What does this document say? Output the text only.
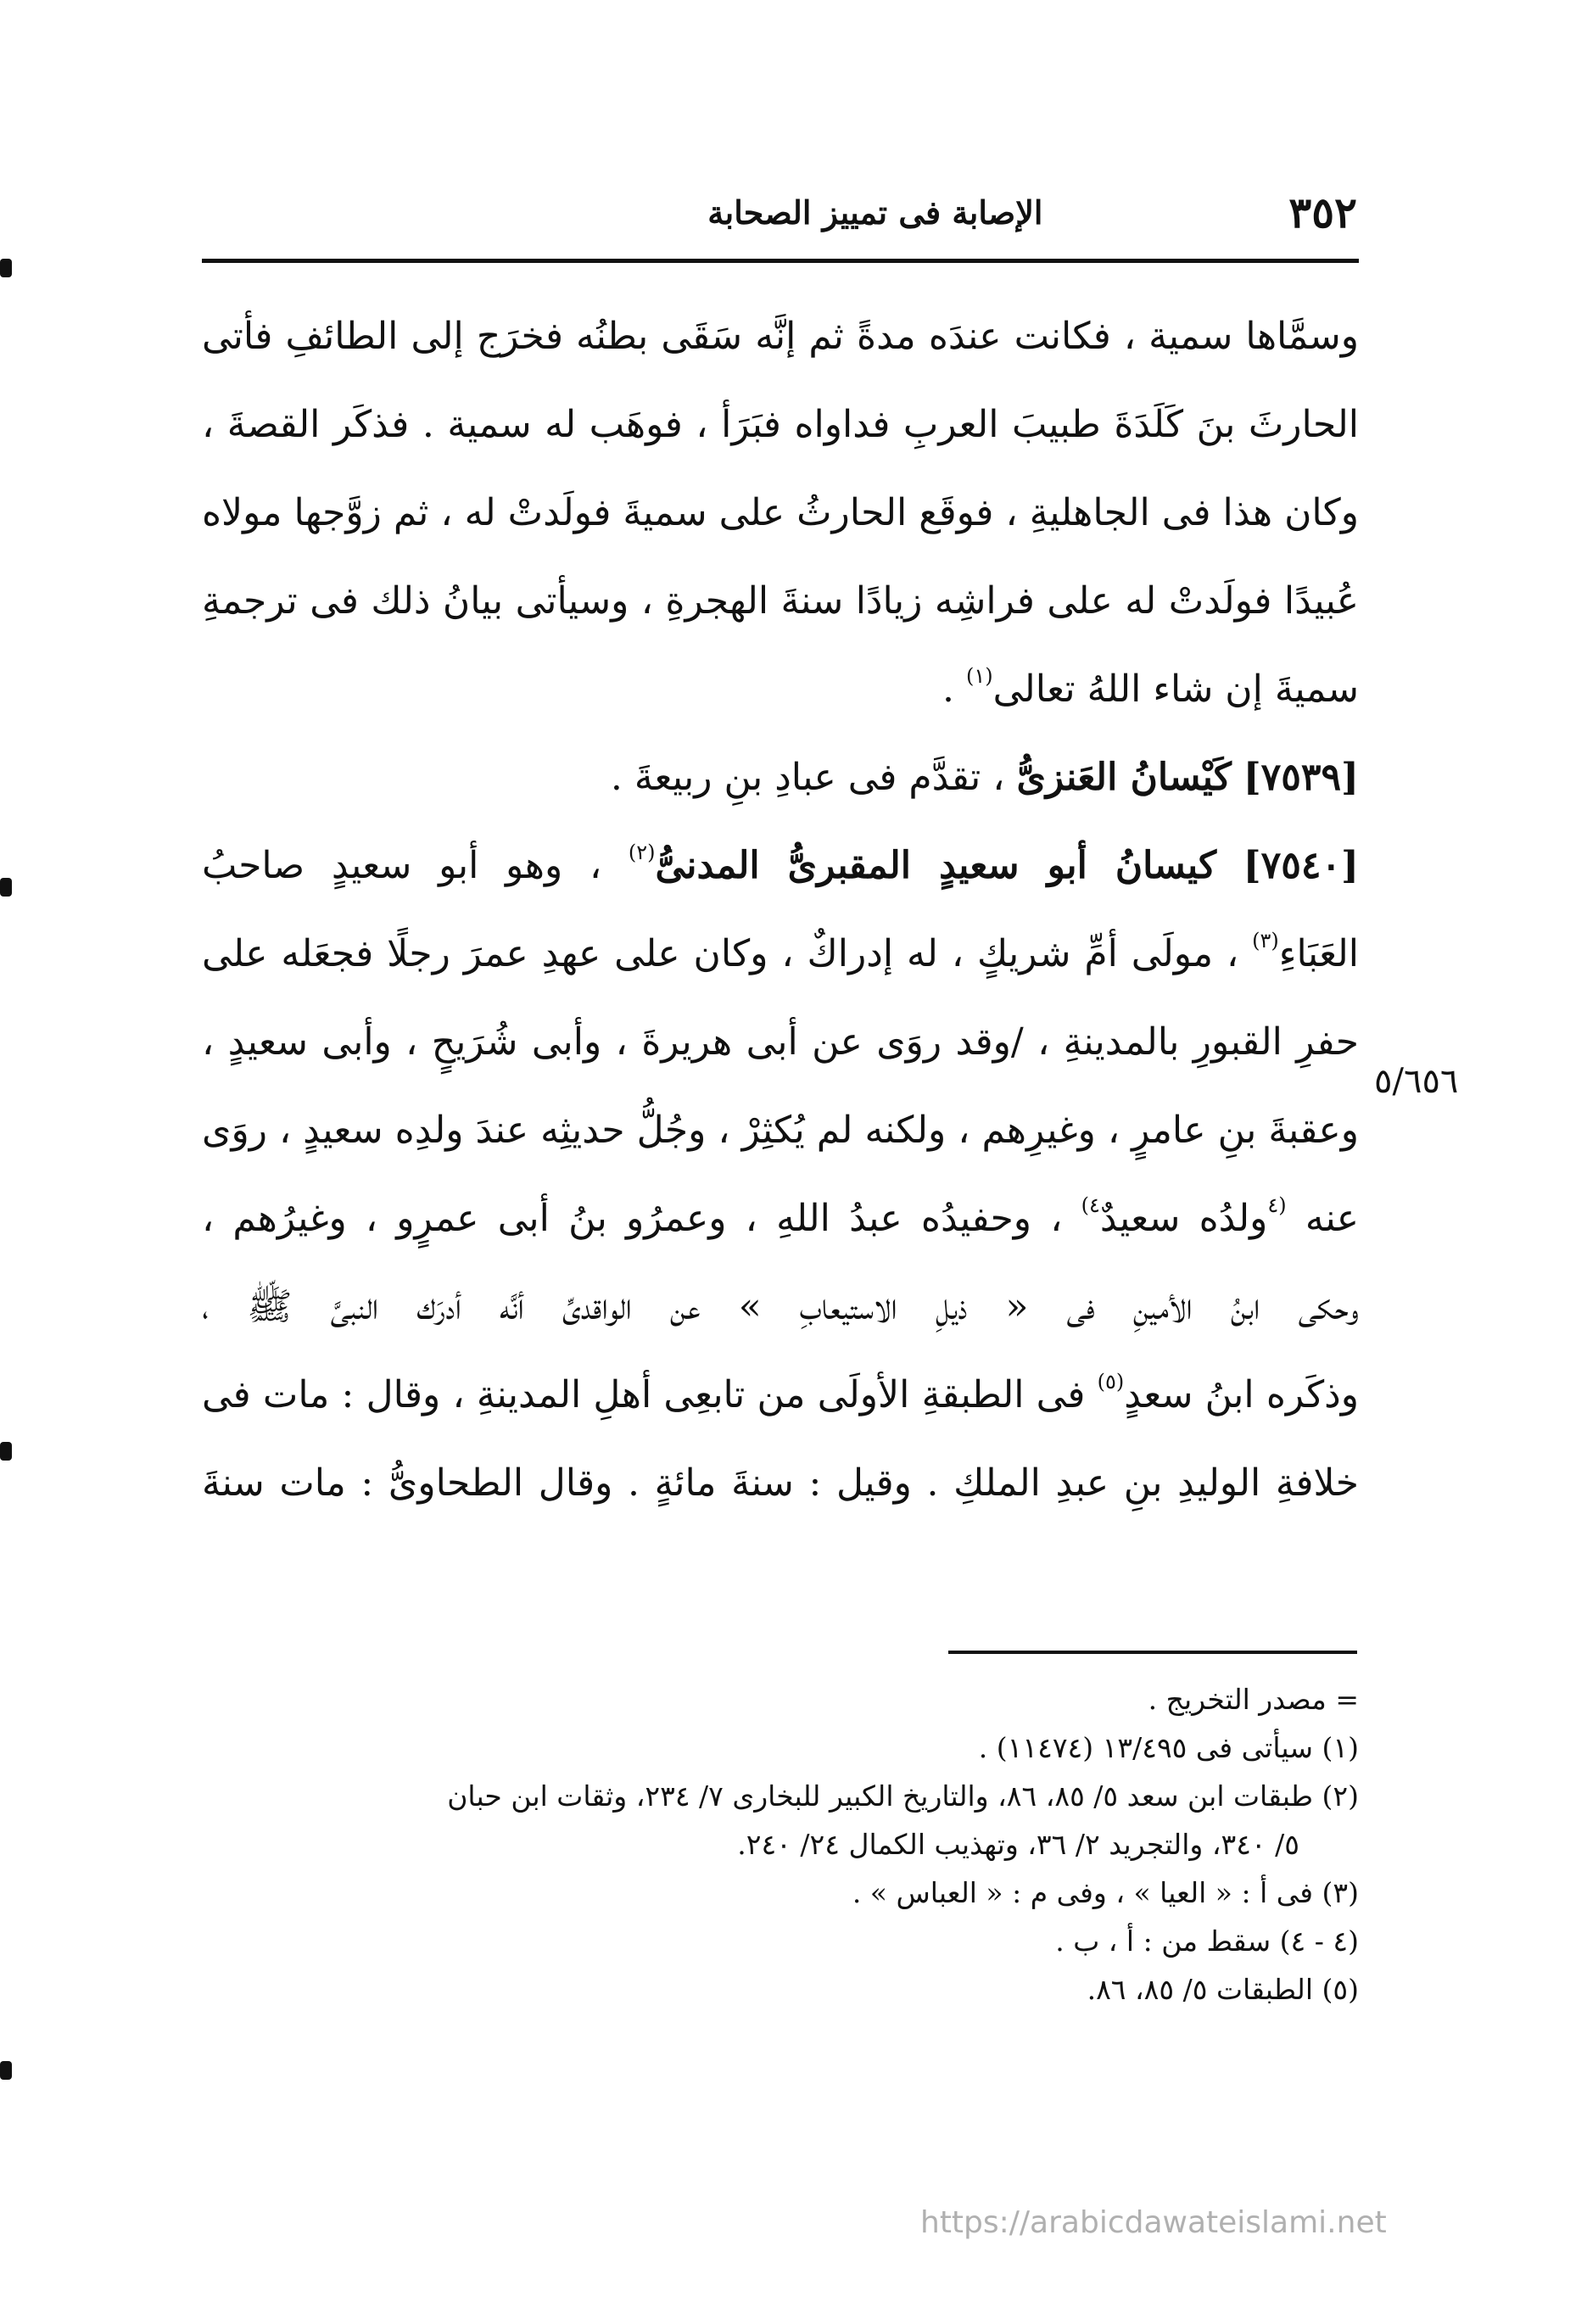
٣٥٢
الإصابة فى تمييز الصحابة
وسمَّاها سمية ، فكانت عندَه مدةً ثم إنَّه سَقَى بطنُه فخرَج إلى الطائفِ فأتى
الحارثَ بنَ كَلَدَةَ طبيبَ العربِ فداواه فبَرَأ ، فوهَب له سمية . فذكَر القصةَ ،
وكان هذا فى الجاهليةِ ، فوقَع الحارثُ على سميةَ فولَدتْ له ، ثم زوَّجها مولاه
عُبيدًا فولَدتْ له على فراشِه زيادًا سنةَ الهجرةِ ، وسيأتى بيانُ ذلك فى ترجمةِ
سميةَ إن شاء اللهُ تعالى$^{(١)}$ .
[٧٥٣٩] كَيْسانُ العَنزىُّ ، تقدَّم فى عبادِ بنِ ربيعةَ .
[٧٥٤٠] كيسانُ أبو سعيدٍ المقبرىُّ المدنىُّ$^{(٢)}$ ، وهو أبو سعيدٍ صاحبُ
العَبَاءِ$^{(٣)}$ ، مولَى أمِّ شريكٍ ، له إدراكٌ ، وكان على عهدِ عمرَ رجلًا فجعَله على
حفرِ القبورِ بالمدينةِ ، /وقد روَى عن أبى هريرةَ ، وأبى شُرَيحٍ ، وأبى سعيدٍ ،
وعقبةَ بنِ عامرٍ ، وغيرِهم ، ولكنه لم يُكثِرْ ، وجُلُّ حديثِه عندَ ولدِه سعيدٍ ، روَى
عنه $^{(٤}$ولدُه سعيدٌ$^{٤)}$ ، وحفيدُه عبدُ اللهِ ، وعمرُو بنُ أبى عمرٍو ، وغيرُهم ،
وحكى ابنُ الأمينِ فى « ذيلِ الاستيعابِ » عن الواقدىِّ أنَّه أدرَك النبىَّ ﷺ ،
وذكَره ابنُ سعدٍ$^{(٥)}$ فى الطبقةِ الأولَى من تابعِى أهلِ المدينةِ ، وقال : مات فى
خلافةِ الوليدِ بنِ عبدِ الملكِ . وقيل : سنةَ مائةٍ . وقال الطحاوىُّ : مات سنةَ
٥/٦٥٦
= مصدر التخريج .
(١) سيأتى فى ١٣/٤٩٥ (١١٤٧٤) .
(٢) طبقات ابن سعد ٥/ ٨٥، ٨٦، والتاريخ الكبير للبخارى ٧/ ٢٣٤، وثقات ابن حبان
٥/ ٣٤٠، والتجريد ٢/ ٣٦، وتهذيب الكمال ٢٤/ ٢٤٠.
(٣) فى أ : « العيا » ، وفى م : « العباس » .
(٤ - ٤) سقط من : أ ، ب .
(٥) الطبقات ٥/ ٨٥، ٨٦.
https://arabicdawateislami.net
